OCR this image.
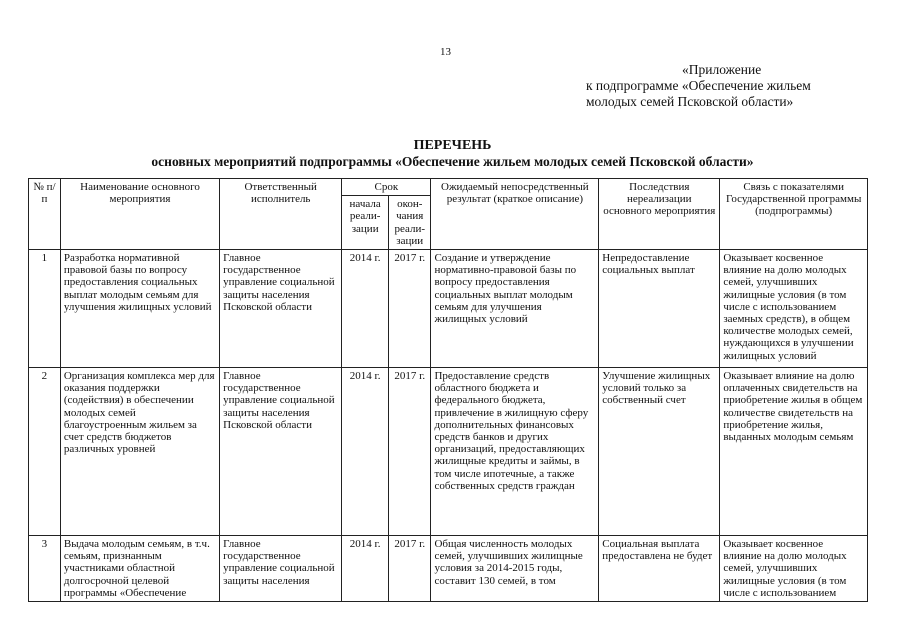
13
«Приложение
к подпрограмме «Обеспечение жильем
молодых семей Псковской области»
ПЕРЕЧЕНЬ
основных мероприятий подпрограммы «Обеспечение жильем молодых семей Псковской области»
№ п/п	Наименование основного мероприятия	Ответственный исполнитель	Срок		Ожидаемый непосредственный результат (краткое описание)	Последствия нереализации основного мероприятия	Связь с показателями Государственной программы (подпрограммы)
			начала реали- зации	окон- чания реали- зации			
1	Разработка нормативной правовой базы по вопросу предоставления социальных выплат молодым семьям для улучшения жилищных условий	Главное государственное управление социальной защиты населения Псковской области	2014 г.	2017 г.	Создание и утверждение нормативно-правовой базы по вопросу предоставления социальных выплат молодым семьям для улучшения жилищных условий	Непредоставление социальных выплат	Оказывает косвенное влияние на долю молодых семей, улучшивших жилищные условия (в том числе с использованием заемных средств), в общем количестве молодых семей, нуждающихся в улучшении жилищных условий
2	Организация комплекса мер для оказания поддержки (содействия) в обеспечении молодых семей благоустроенным жильем за счет средств бюджетов различных уровней	Главное государственное управление социальной защиты населения Псковской области	2014 г.	2017 г.	Предоставление средств областного бюджета и федерального бюджета, привлечение в жилищную сферу дополнительных финансовых средств банков и других организаций, предоставляющих жилищные кредиты и займы, в том числе ипотечные, а также собственных средств граждан	Улучшение жилищных условий только за собственный счет	Оказывает влияние на долю оплаченных свидетельств на приобретение жилья в общем количестве свидетельств на приобретение жилья, выданных молодым семьям
3	Выдача молодым семьям, в т.ч. семьям, признанным участниками областной долгосрочной целевой программы «Обеспечение	Главное государственное управление социальной защиты населения	2014 г.	2017 г.	Общая численность молодых семей, улучшивших жилищные условия за 2014-2015 годы, составит 130 семей, в том	Социальная выплата предоставлена не будет	Оказывает косвенное влияние на долю молодых семей, улучшивших жилищные условия (в том числе с использованием
